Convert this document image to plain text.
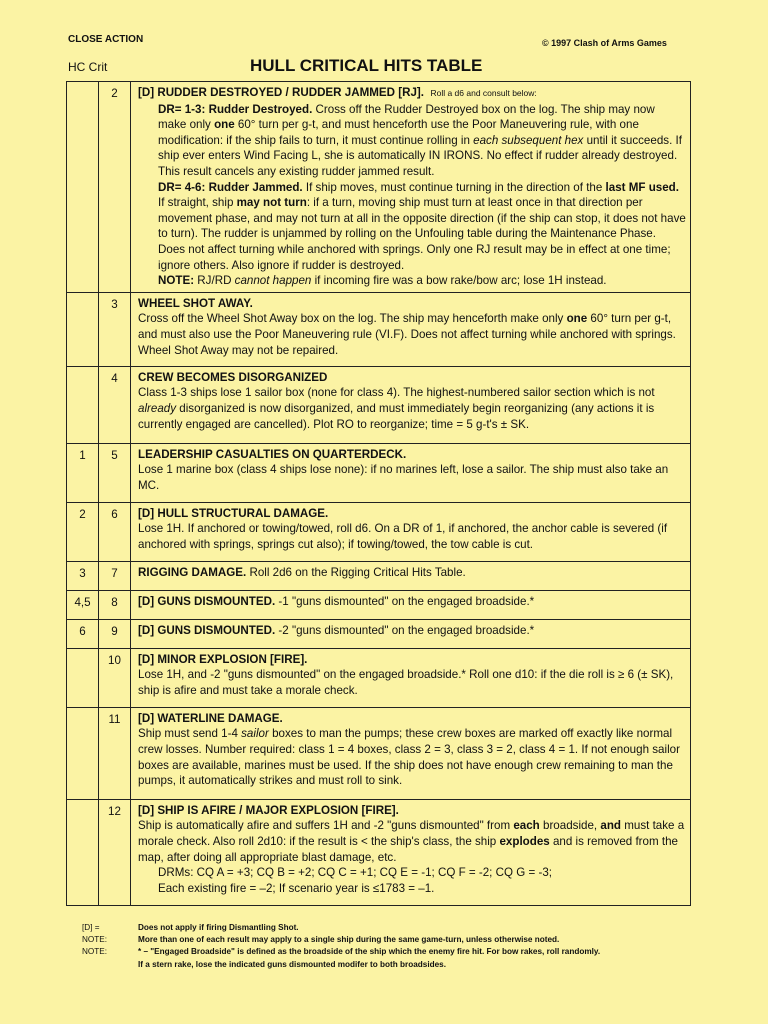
CLOSE ACTION	© 1997 Clash of Arms Games
HC Crit	HULL CRITICAL HITS TABLE
	2	[D] RUDDER DESTROYED / RUDDER JAMMED [RJ]. Roll a d6 and consult below:
DR= 1-3: Rudder Destroyed. Cross off the Rudder Destroyed box on the log. The ship may now make only one 60° turn per g-t, and must henceforth use the Poor Maneuvering rule, with one modification: if the ship fails to turn, it must continue rolling in each subsequent hex until it succeeds. If ship ever enters Wind Facing L, she is automatically IN IRONS. No effect if rudder already destroyed. This result cancels any existing rudder jammed result.
DR= 4-6: Rudder Jammed. If ship moves, must continue turning in the direction of the last MF used. If straight, ship may not turn: if a turn, moving ship must turn at least once in that direction per movement phase, and may not turn at all in the opposite direction (if the ship can stop, it does not have to turn). The rudder is unjammed by rolling on the Unfouling table during the Maintenance Phase. Does not affect turning while anchored with springs. Only one RJ result may be in effect at one time; ignore others. Also ignore if rudder is destroyed.
NOTE: RJ/RD cannot happen if incoming fire was a bow rake/bow arc; lose 1H instead.

	3	WHEEL SHOT AWAY.
Cross off the Wheel Shot Away box on the log. The ship may henceforth make only one 60° turn per g-t, and must also use the Poor Maneuvering rule (VI.F). Does not affect turning while anchored with springs. Wheel Shot Away may not be repaired.

	4	CREW BECOMES DISORGANIZED
Class 1-3 ships lose 1 sailor box (none for class 4). The highest-numbered sailor section which is not already disorganized is now disorganized, and must immediately begin reorganizing (any actions it is currently engaged are cancelled). Plot RO to reorganize; time = 5 g-t's ± SK.

1	5	LEADERSHIP CASUALTIES ON QUARTERDECK.
Lose 1 marine box (class 4 ships lose none): if no marines left, lose a sailor. The ship must also take an MC.

2	6	[D] HULL STRUCTURAL DAMAGE.
Lose 1H. If anchored or towing/towed, roll d6. On a DR of 1, if anchored, the anchor cable is severed (if anchored with springs, springs cut also); if towing/towed, the tow cable is cut.

3	7	RIGGING DAMAGE. Roll 2d6 on the Rigging Critical Hits Table.
4,5	8	[D] GUNS DISMOUNTED. -1 "guns dismounted" on the engaged broadside.*
6	9	[D] GUNS DISMOUNTED. -2 "guns dismounted" on the engaged broadside.*
	10	[D] MINOR EXPLOSION [FIRE].
Lose 1H, and -2 "guns dismounted" on the engaged broadside.* Roll one d10: if the die roll is ≥ 6 (± SK), ship is afire and must take a morale check.

	11	[D] WATERLINE DAMAGE.
Ship must send 1-4 sailor boxes to man the pumps; these crew boxes are marked off exactly like normal crew losses. Number required: class 1 = 4 boxes, class 2 = 3, class 3 = 2, class 4 = 1. If not enough sailor boxes are available, marines must be used. If the ship does not have enough crew remaining to man the pumps, it automatically strikes and must roll to sink.

	12	[D] SHIP IS AFIRE / MAJOR EXPLOSION [FIRE].
Ship is automatically afire and suffers 1H and -2 "guns dismounted" from each broadside, and must take a morale check. Also roll 2d10: if the result is < the ship's class, the ship explodes and is removed from the map, after doing all appropriate blast damage, etc.
DRMs: CQ A = +3; CQ B = +2; CQ C = +1; CQ E = -1; CQ F = -2; CQ G = -3;
Each existing fire = –2; If scenario year is ≤1783 = –1.
[D] =	Does not apply if firing Dismantling Shot.
NOTE:	More than one of each result may apply to a single ship during the same game-turn, unless otherwise noted.
NOTE:	* – "Engaged Broadside" is defined as the broadside of the ship which the enemy fire hit. For bow rakes, roll randomly.
If a stern rake, lose the indicated guns dismounted modifer to both broadsides.
